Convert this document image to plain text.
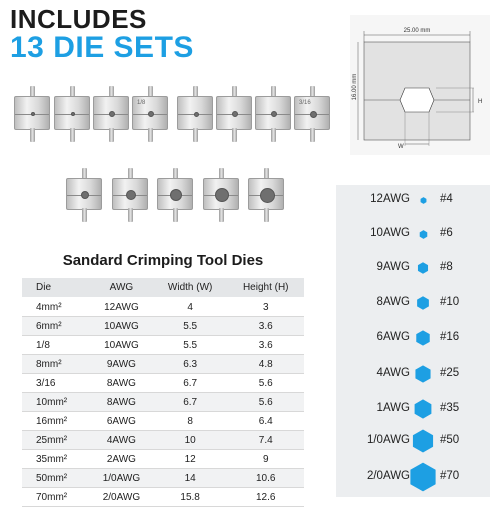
INCLUDES
13 DIE SETS
1/8	3/16
25.00 mm
16.00 mm
H
W
Sandard Crimping Tool Dies
Die	AWG	Width (W)	Height (H)
4mm²	12AWG	4	3
6mm²	10AWG	5.5	3.6
1/8	10AWG	5.5	3.6
8mm²	9AWG	6.3	4.8
3/16	8AWG	6.7	5.6
10mm²	8AWG	6.7	5.6
16mm²	6AWG	8	6.4
25mm²	4AWG	10	7.4
35mm²	2AWG	12	9
50mm²	1/0AWG	14	10.6
70mm²	2/0AWG	15.8	12.6
12AWG	#4
10AWG	#6
9AWG	#8
8AWG	#10
6AWG	#16
4AWG	#25
1AWG	#35
1/0AWG	#50
2/0AWG	#70
